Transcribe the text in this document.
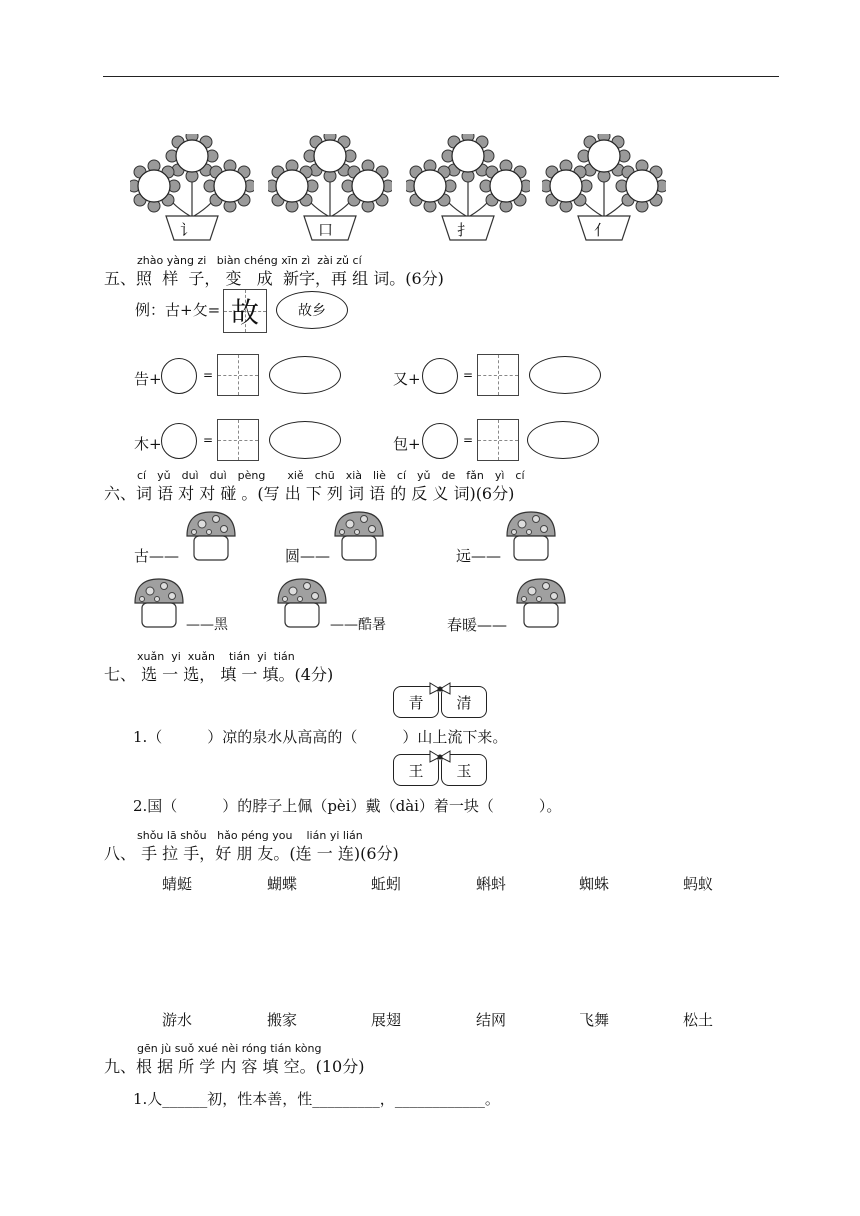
讠	口	扌	亻
zhào yàng zi biàn chéng xīn zì zài zǔ cí
五、照 样 子， 变 成 新字，再 组 词。(6分)
例：古+攵= 故	故乡
告+	=	又+	=
木+	=	包+	=
cí yǔ duì duì pèng xiě chū xià liè cí yǔ de fǎn yì cí
六、词 语 对 对 碰 。(写 出 下 列 词 语 的 反 义 词)(6分)
古——	圆——	远——
——黑	——酷暑	春暖——
xuǎn yi xuǎn tián yi tián
七、 选 一 选， 填 一 填。(4分)
青	清
1.（　　　）凉的泉水从高高的（　　　）山上流下来。
王	玉
2.国（　　　）的脖子上佩（pèi）戴（dài）着一块（　　　）。
shǒu lā shǒu hǎo péng you lián yi lián
八、 手 拉 手，好 朋 友。(连 一 连)(6分)
蜻蜓	蝴蝶	蚯蚓	蝌蚪	蜘蛛	蚂蚁
游水	搬家	展翅	结网	飞舞	松土
gēn jù suǒ xué nèi róng tián kòng
九、根 据 所 学 内 容 填 空。(10分)
1.人______初，性本善，性_________，____________。
